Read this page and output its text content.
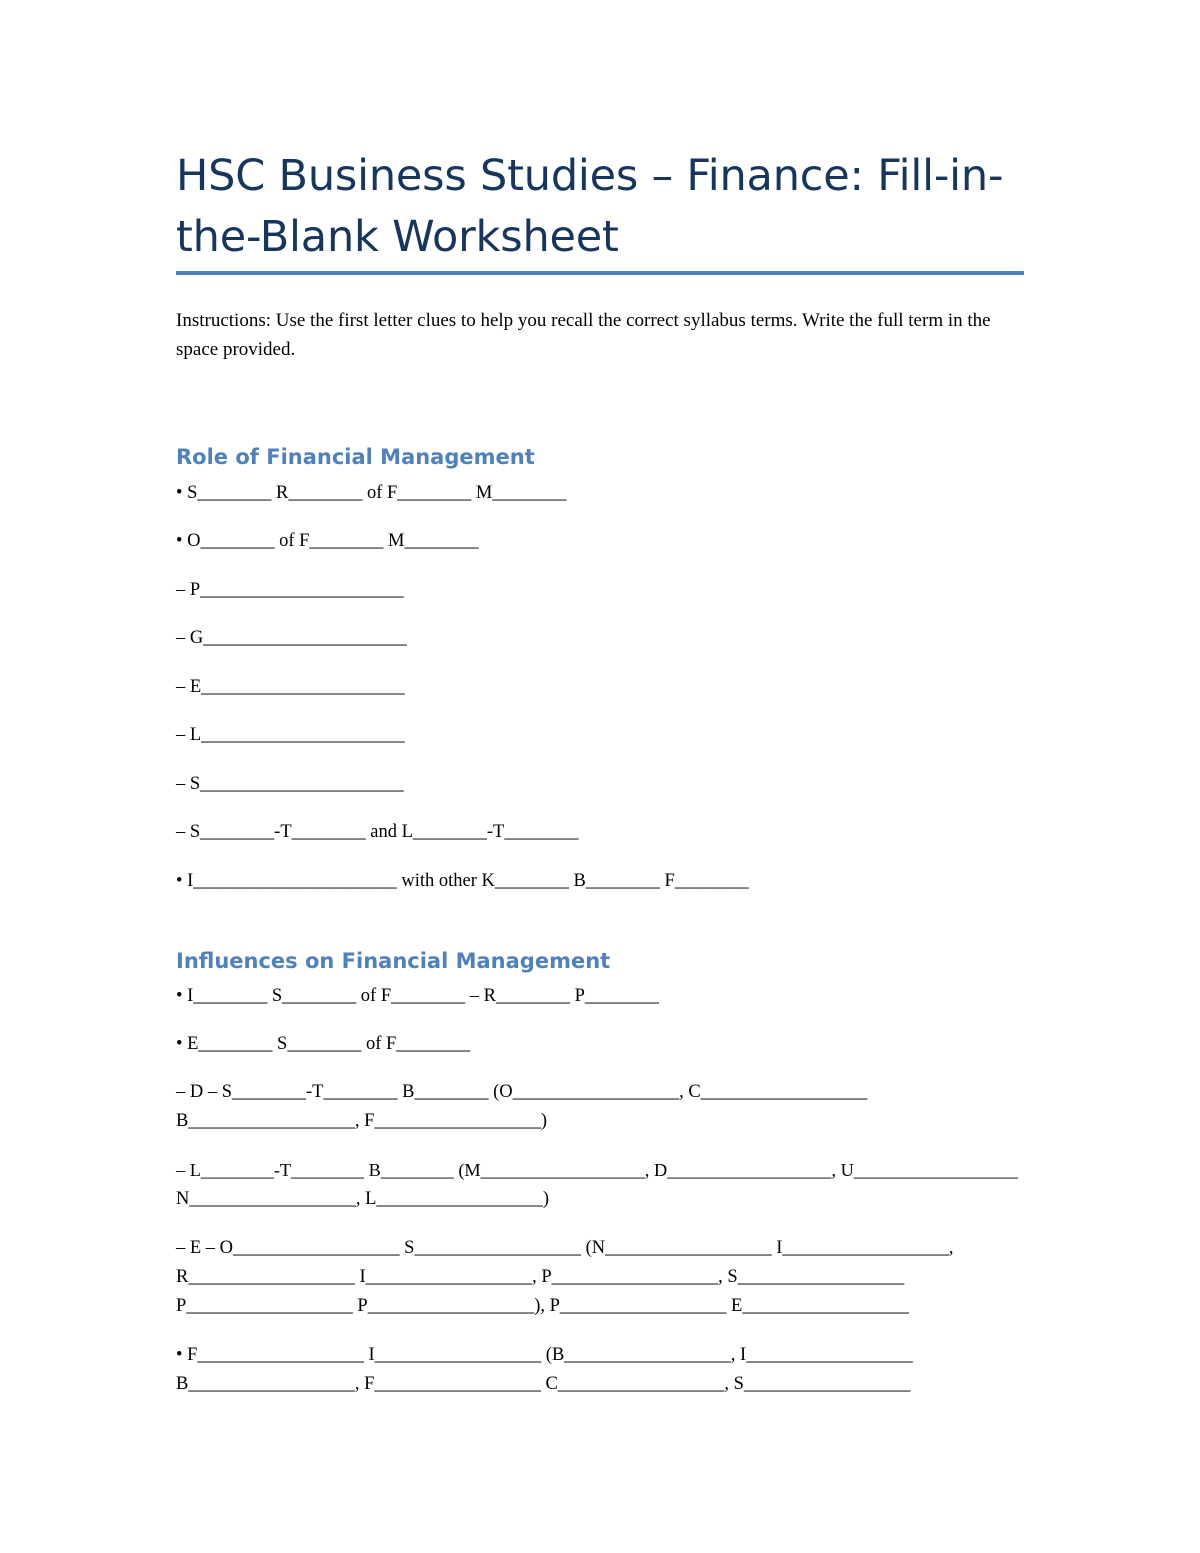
HSC Business Studies – Finance: Fill-in-the-Blank Worksheet

Instructions: Use the first letter clues to help you recall the correct syllabus terms. Write the full term in the space provided.

Role of Financial Management

• S________ R________ of F________ M________

• O________ of F________ M________

– P______________________

– G______________________

– E______________________

– L______________________

– S______________________

– S________-T________ and L________-T________

• I______________________ with other K________ B________ F________

Influences on Financial Management

• I________ S________ of F________ – R________ P________

• E________ S________ of F________

– D – S________-T________ B________ (O__________________, C__________________

B__________________, F__________________)

– L________-T________ B________ (M__________________, D__________________, U__________________

N__________________, L__________________)

– E – O__________________ S__________________ (N__________________ I__________________,

R__________________ I__________________, P__________________, S__________________

P__________________ P__________________), P__________________ E__________________

• F__________________ I__________________ (B__________________, I__________________

B__________________, F__________________ C__________________, S__________________
